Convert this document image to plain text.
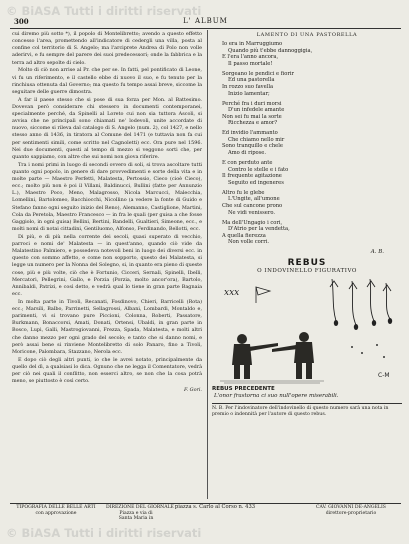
© BiASA Tutti i diritti riservati
300	L' ALBUM

cui diremo più sotto *), il popolo di Montelibretto; avendo a questo effetto concesso l'area, promettendo all'indicatore di cedergli una villa, posta al confine col territorio di S. Angelo; ma l'arciprete Andrea di Polo non volle aderirvi, e fu sempre del parere dei suoi predecessori; onde la fabbrica e la terra ad altro sepolte di cielo.

Molto di ciò non arrise al Pr. che per se. In fatti, pel pontificato di Leone, vi fu un riferimento, e il castello ebbe di nuovo il suo, e fu tenuto per la rinchiusa ottenuta dal Governo; ma questo fu tempo assai breve, siccome la seguitare delle guerre dimostra.

A far il paese stesso che si pose di sua forza per Mon. al Battesimo. Dovevan però considerare chi stessero in documenti contemporanei, specialmente perché, da Spinelli al Loreto cui non sia tuttora Ascoli, si avvisa che ne principali sono chiamati ne' lodevoli, unite accordate di nuovo, siccome si rileva dal catalogo di S. Angelo (num. 2), col 1427, e nello stesso anno di 1436, in tiratora al Comune del 1471 (e tuttavia non fa cui per sentimenti simili, come scritto nel Cagnoletti) ecc. Ora pure nel 1596. Nei due documenti, questi al tempo di mezzo si veggono sorti che, per quanto sappiamo, con altre che sui nomi non giova riferire.

Tra i nomi primi in luogo di secondi ovvero di soli, si trova ascoltare tutti quanto ogni popolo, in genere di dare provvedimenti e sorte della vita e in molte parte — Maestro Perfetti, Malatesta, Pertossio, Cieco (cioè Cieco), ecc.; molto più non è poi il Villani, Baldinucci, Bullini (fatte per Annunzio L.), Maestro Poco, Meno, Malagrosso, Nicola Marcucci, Malecchia, Lomellini, Bartolomeo, Bacchiocchi, Nicollino (a vedere la fonte di Guido e Stefano fanno ogni seguito inizio del Reno), Alemanno, Castiglione, Martini, Cola da Peretola, Maestro Francesco — in fra le quali (per guisa a che fosse Gaggiolo, in ogni guisa) Bellini, Bertini, Bandelli, Gualtieri, Simeone, ecc., e molti nomi di notai cittadini, Gentiluomo, Alfonso, Ferdinando, Bellotti, ecc.

Di più, e di più nella corrente dei secoli, quasi superato di vecchio, parroci e nomi de' Malatesta — in quest'anno, quando ciò vide da Malatestino Palmiero, e possedeva notevoli beni in luogo dei diversi ecc. in questo con sommo affetto, e come non sopporto, questo dei Malatesta, si legge un numero per la Nonna del Solegno, si, in quanto era pieno di queste cose, più e più volte, ciò che è Fortunio, Cicceri, Sernali, Spinelli, Ibelli, Mercatori, Pellegrini, Gallo, e Porzia (Porzia, molto ancor'ora), Bartolo, Annibaldi, Patrizi, e così detto, e vedrà qual lo tiene in gran parte Bagnaia ecc.

In molta parte in Tivoli, Recanati, Fosdinovo, Chieri, Barricelli (Rota) ecc.; Marsili, Balbo, Parrinetti, Sellagrossi, Albani, Lombardi, Montaldo e, parimenti, vi si trovano pure Piccioni, Colonna, Roberti, Passatore, Burkmann, Bonaccorsi, Amati, Donati, Ortensi, Ubaldi, in gran parte in Bosco, Lupi, Galli, Mastrogiovanni, Frezza, Spada, Malatesta, e molti altri che danno mezzo per ogni grado del secolo; e tanto che si danno nomi, e però assai bene si rinviene Montelibretto di solo Panaro, fino a Tivoli, Moricone, Palombara, Stazzano, Nerola ecc.

E dopo ciò degli altri punti, io che le avrei notato, principalmente da quello del dì, a qualsiasi lo dica. Ognuno che ne legga il Comentatore, vedrà per ciò nei quali il conflitto, non esserci altro, se non che la cosa potrà meno, se piuttosto è così certo.

F. Gori.

LAMENTO DI UNA PASTORELLA
Io era in Marruggiumo
Quando più t'ebbe dannoggigia,
E l'era l'anno ancora,
Il passo mortale!
Sorgeano le pendici e fiorir
Ed una pastorella
In rozzo suo favella
Inizio lamentar;
Perché fra i duri morsi
D'un infedele amante
Non sei fu mai la sorte
Ricchezza e amor?
Ed invidio l'ammanto
Che chiamo nello mir
Sono tranquillo e chele
Amo di ripose.
E con perduto ante
Contro le stelle e i fato
Il frequente agitazione
Seguito ed ingeneres
Altro fu le glebe
L'Ungite, all'umone
Che sul cancone prono
Ne vidi venissero.
Ma dell'Ungagio i cori,
D'Atrio per la vendetta,
A quella fierezza
Non volle corri.
A. B.
REBUS
O INDOVINELLO FIGURATIVO
xxx
C-M
REBUS PRECEDENTE
L'onor frastorna ci suo null'opere miserabili.
N. B. Per l'indovinatore dell'indovinello di questo numero sarà una nota in premio o indennità per l'autore di questo rebus.
TIPOGRAFIA DELLE BELLE ARTI
con approvazione
DIREZIONE DEL GIORNALE
Piazza e via di
Santa Maria in
piazza s. Carlo al Corso n. 433	CAV. GIOVANNI DE-ANGELIS
direttore-proprietario
© BiASA Tutti i diritti riservati
